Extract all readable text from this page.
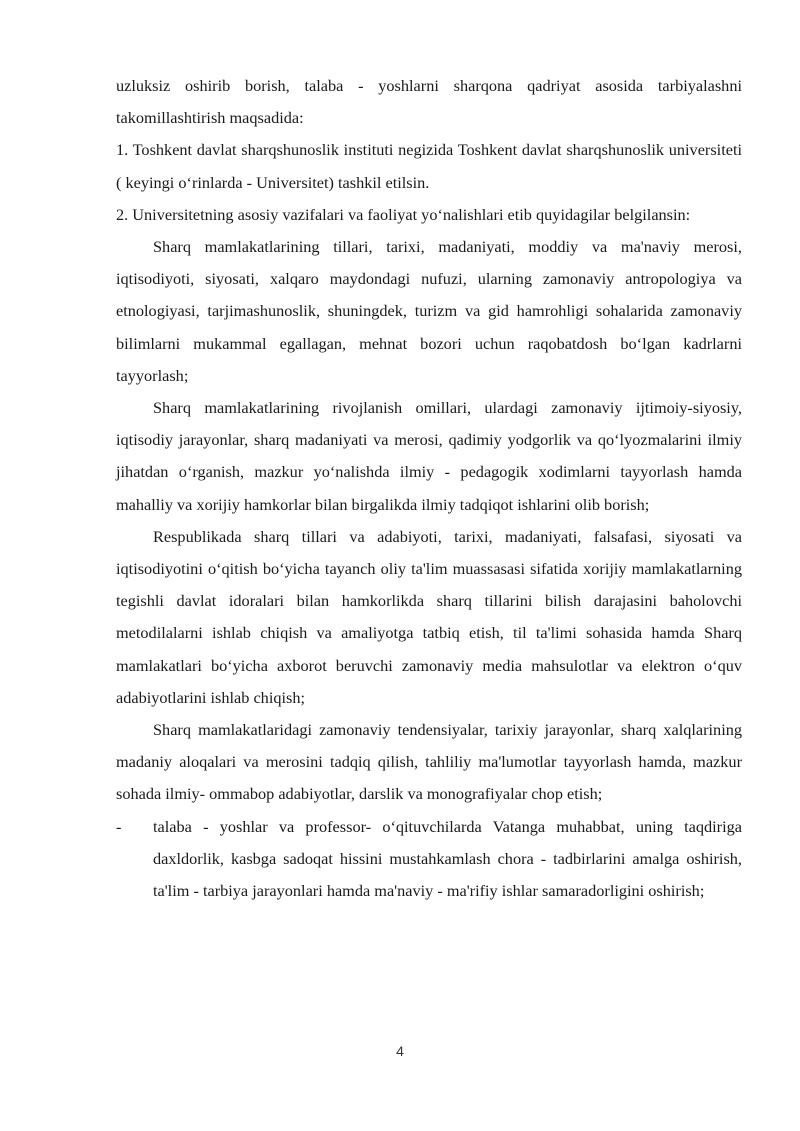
uzluksiz oshirib borish, talaba - yoshlarni sharqona qadriyat asosida tarbiyalashni takomillashtirish maqsadida:

1. Toshkent davlat sharqshunoslik instituti negizida Toshkent davlat sharqshunoslik universiteti ( keyingi o‘rinlarda - Universitet) tashkil etilsin.

2. Universitetning asosiy vazifalari va faoliyat yo‘nalishlari etib quyidagilar belgilansin:

Sharq mamlakatlarining tillari, tarixi, madaniyati, moddiy va ma'naviy merosi, iqtisodiyoti, siyosati, xalqaro maydondagi nufuzi, ularning zamonaviy antropologiya va etnologiyasi, tarjimashunoslik, shuningdek, turizm va gid hamrohligi sohalarida zamonaviy bilimlarni mukammal egallagan, mehnat bozori uchun raqobatdosh bo‘lgan kadrlarni tayyorlash;

Sharq mamlakatlarining rivojlanish omillari, ulardagi zamonaviy ijtimoiy-siyosiy, iqtisodiy jarayonlar, sharq madaniyati va merosi, qadimiy yodgorlik va qo‘lyozmalarini ilmiy jihatdan o‘rganish, mazkur yo‘nalishda ilmiy - pedagogik xodimlarni tayyorlash hamda mahalliy va xorijiy hamkorlar bilan birgalikda ilmiy tadqiqot ishlarini olib borish;

Respublikada sharq tillari va adabiyoti, tarixi, madaniyati, falsafasi, siyosati va iqtisodiyotini o‘qitish bo‘yicha tayanch oliy ta'lim muassasasi sifatida xorijiy mamlakatlarning tegishli davlat idoralari bilan hamkorlikda sharq tillarini bilish darajasini baholovchi metodilalarni ishlab chiqish va amaliyotga tatbiq etish, til ta'limi sohasida hamda Sharq mamlakatlari bo‘yicha axborot beruvchi zamonaviy media mahsulotlar va elektron o‘quv adabiyotlarini ishlab chiqish;

Sharq mamlakatlaridagi zamonaviy tendensiyalar, tarixiy jarayonlar, sharq xalqlarining madaniy aloqalari va merosini tadqiq qilish, tahliliy ma'lumotlar tayyorlash hamda, mazkur sohada ilmiy- ommabop adabiyotlar, darslik va monografiyalar chop etish;

-	talaba - yoshlar va professor- o‘qituvchilarda Vatanga muhabbat, uning taqdiriga daxldorlik, kasbga sadoqat hissini mustahkamlash chora - tadbirlarini amalga oshirish, ta'lim - tarbiya jarayonlari hamda ma'naviy - ma'rifiy ishlar samaradorligini oshirish;
4
